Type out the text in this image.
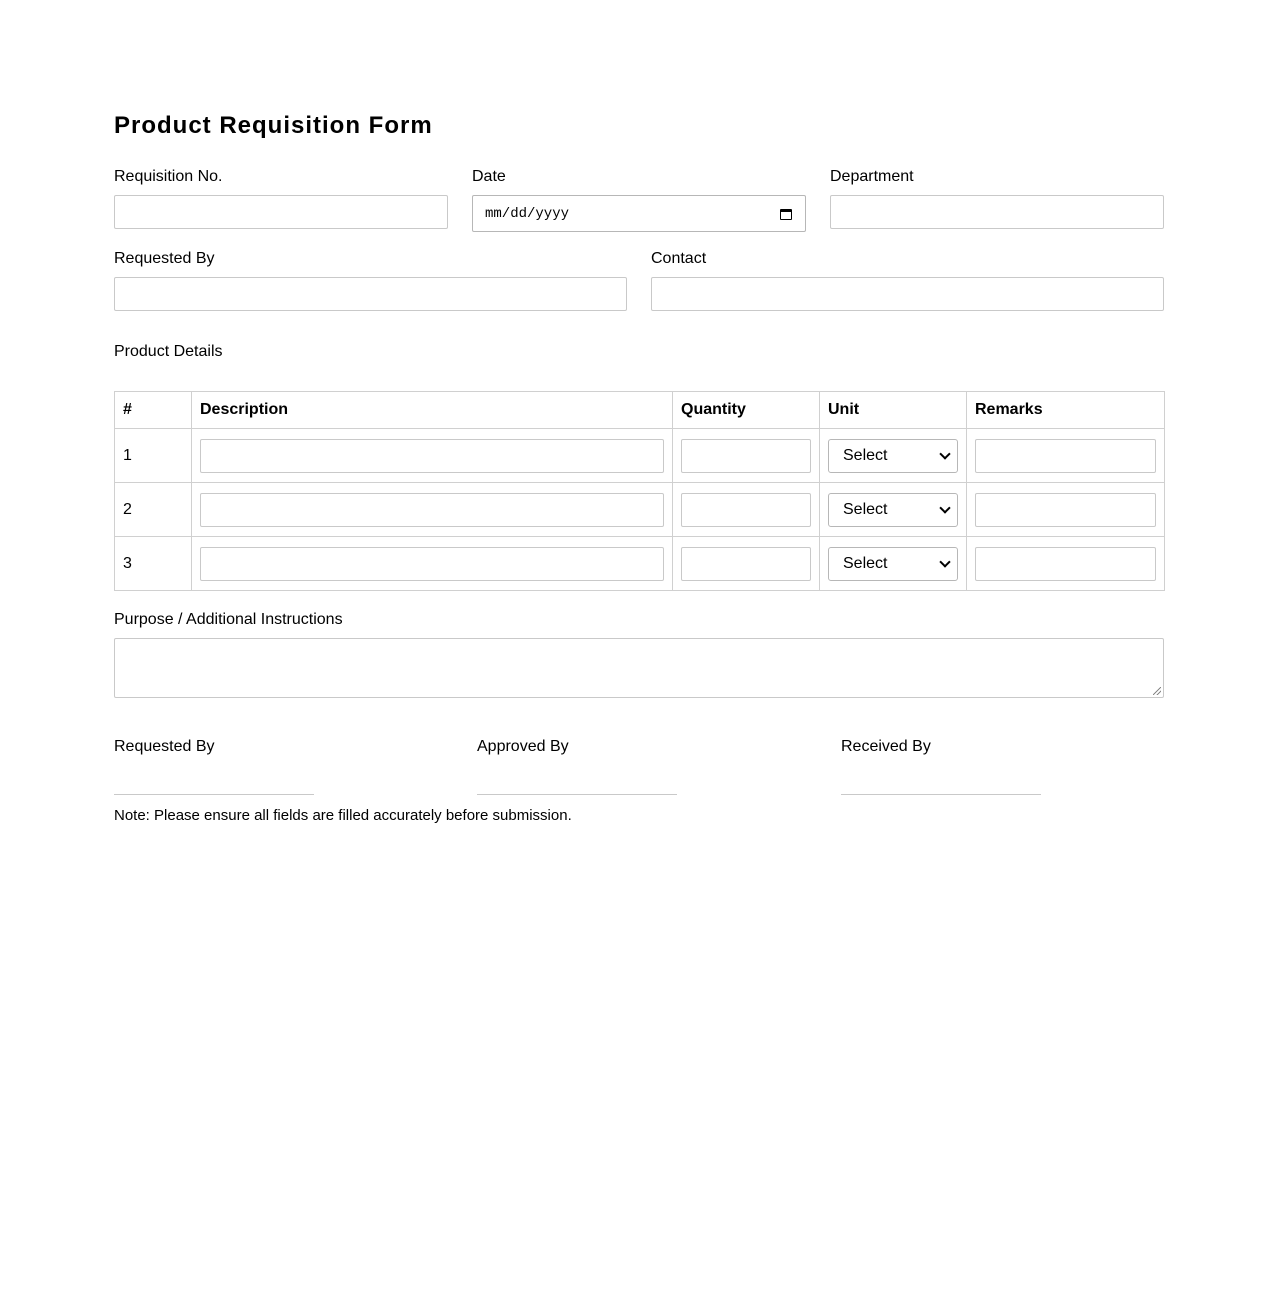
Product Requisition Form
Requisition No.	Date
mm/dd/yyyy
Department
Requested By	Contact
Product Details
#	Description	Quantity	Unit	Remarks
1			Select	

2			Select	

3			Select	

Purpose / Additional Instructions
Requested By	Approved By	Received By
Note: Please ensure all fields are filled accurately before submission.
